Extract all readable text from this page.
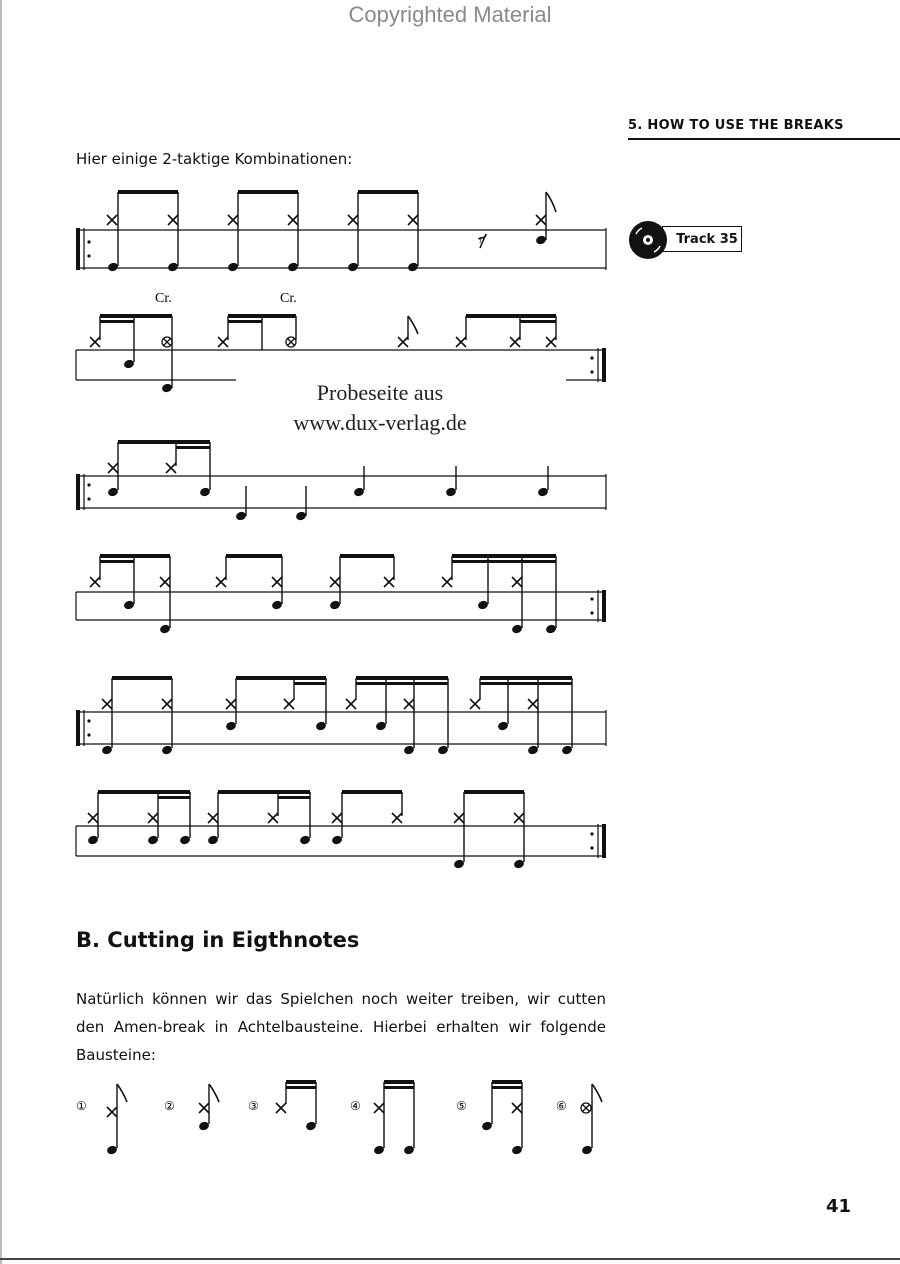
Copyrighted Material
5. HOW TO USE THE BREAKS
Hier einige 2-taktige Kombinationen:
Track 35
𝄾
Cr.	Cr.
①	②	③	④	⑤	⑥
Probeseite aus
www.dux-verlag.de
B. Cutting in Eigthnotes
Natürlich können wir das Spielchen noch weiter treiben, wir cutten den Amen-break in Achtelbausteine. Hierbei erhalten wir folgende Bausteine:
41
